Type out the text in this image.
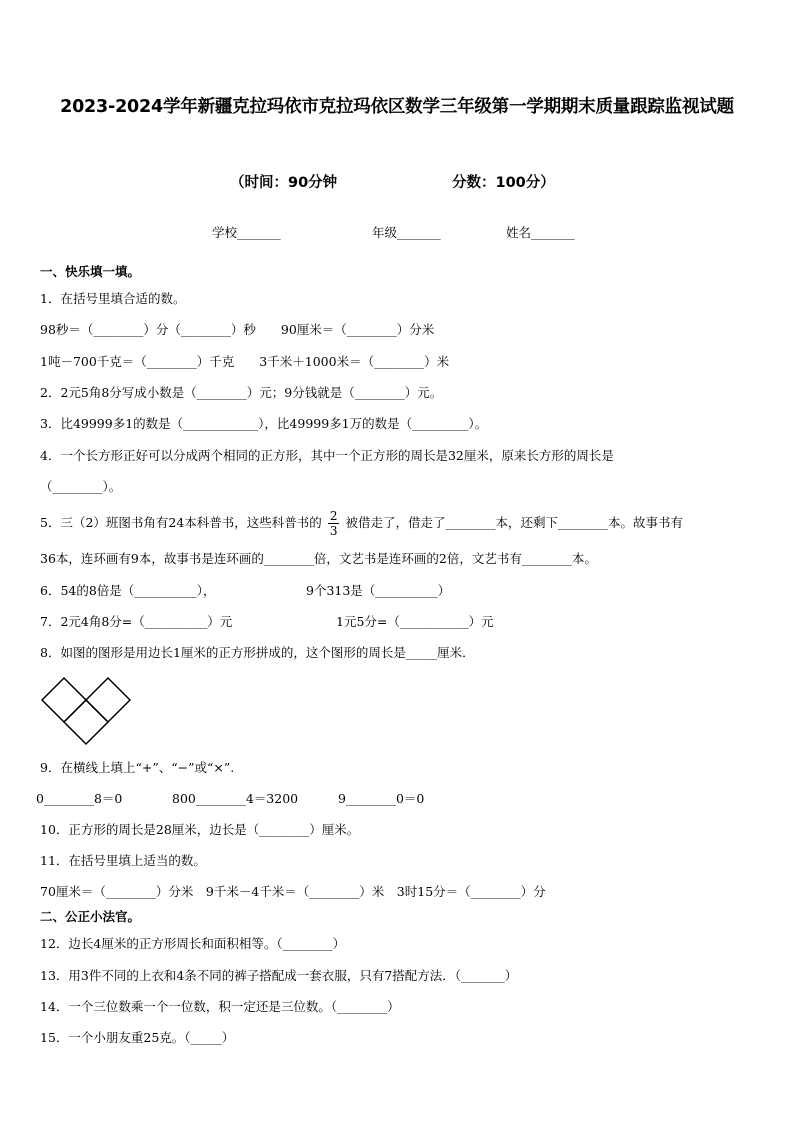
2023-2024学年新疆克拉玛依市克拉玛依区数学三年级第一学期期末质量跟踪监视试题
（时间：90分钟	分数：100分）
学校_______	年级_______	姓名_______
一、快乐填一填。
1．在括号里填合适的数。
98秒＝（________）分（________）秒　　90厘米＝（________）分米
1吨－700千克＝（________）千克　　3千米＋1000米＝（________）米
2．2元5角8分写成小数是（________）元；9分钱就是（________）元。
3．比49999多1的数是（____________），比49999多1万的数是（_________）。
4．一个长方形正好可以分成两个相同的正方形，其中一个正方形的周长是32厘米，原来长方形的周长是
（________）。
5．三（2）班图书角有24本科普书，这些科普书的 $\frac{2}{3}$ 被借走了，借走了________本，还剩下________本。故事书有
36本，连环画有9本，故事书是连环画的________倍，文艺书是连环画的2倍，文艺书有________本。
6．54的8倍是（__________），	9个313是（__________）
7．2元4角8分=（__________）元	1元5分=（___________）元
8．如图的图形是用边长1厘米的正方形拼成的，这个图形的周长是_____厘米．
9．在横线上填上“+”、“−”或“×”.
0________8＝0	800________4＝3200	9________0＝0
10．正方形的周长是28厘米，边长是（________）厘米。
11．在括号里填上适当的数。
70厘米＝（________）分米　9千米－4千米＝（________）米　3时15分＝（________）分
二、公正小法官。
12．边长4厘米的正方形周长和面积相等。（________）
13．用3件不同的上衣和4条不同的裤子搭配成一套衣服，只有7搭配方法．（_______）
14．一个三位数乘一个一位数，积一定还是三位数。（________）
15．一个小朋友重25克。（_____）
